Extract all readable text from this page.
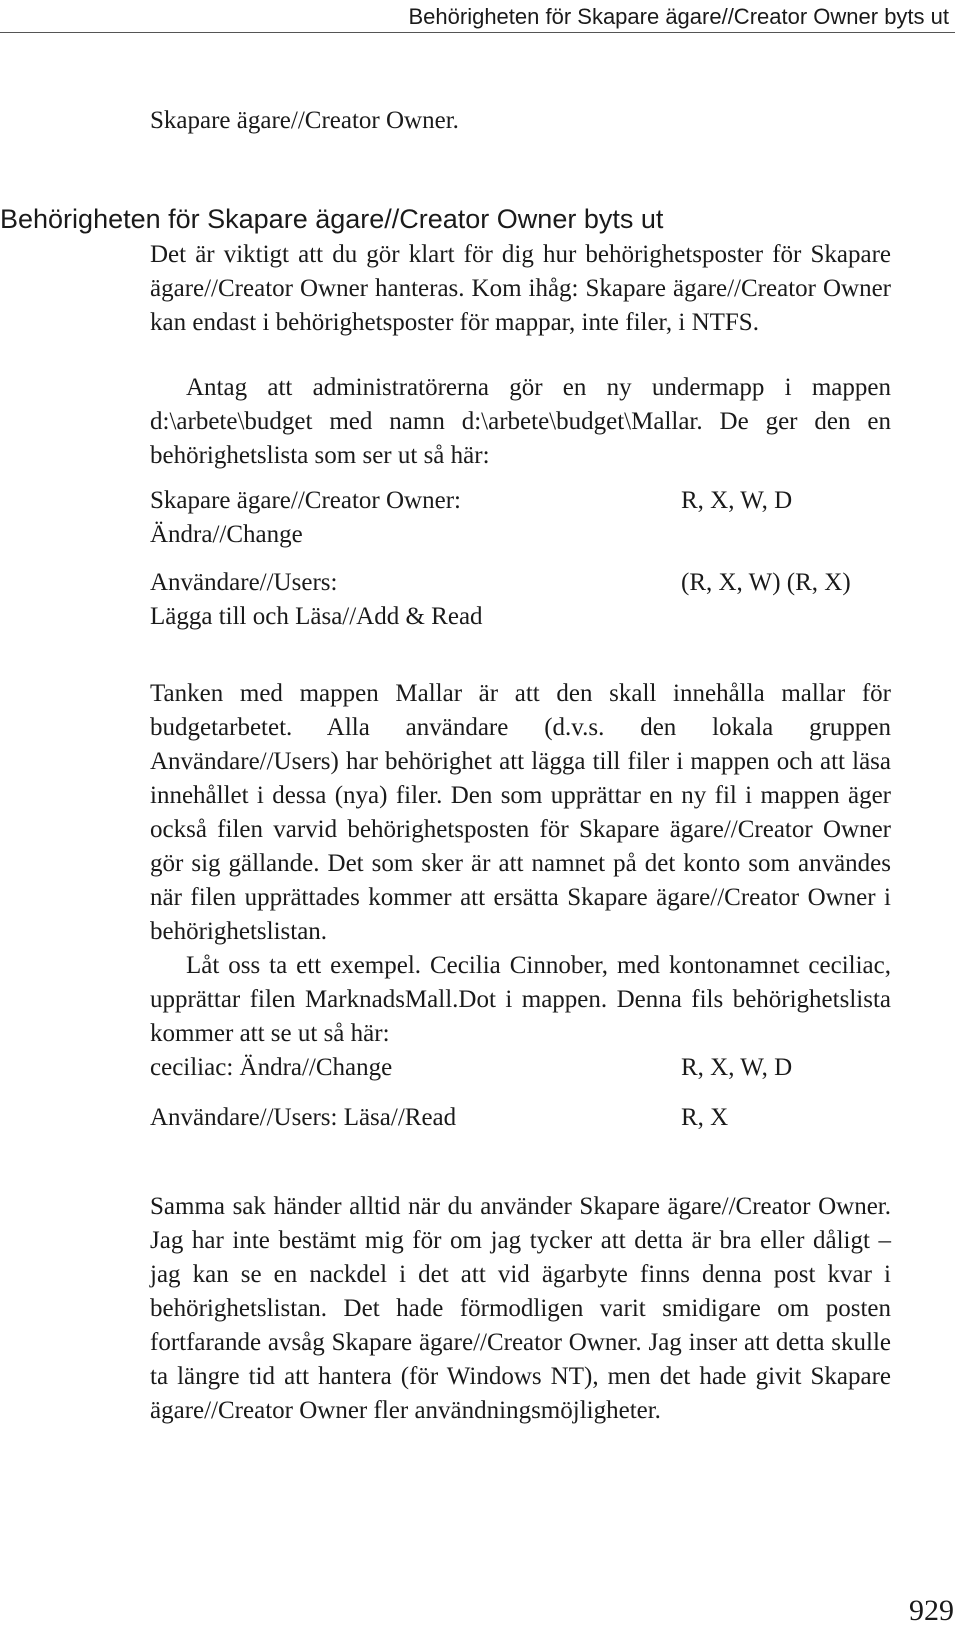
Behörigheten för Skapare ägare//Creator Owner byts ut

Skapare ägare//Creator Owner.

Behörigheten för Skapare ägare//Creator Owner byts ut

Det är viktigt att du gör klart för dig hur behörighetsposter för Skapare ägare//Creator Owner hanteras. Kom ihåg: Skapare ägare//Creator Owner kan endast i behörighetsposter för mappar, inte filer, i NTFS.

Antag att administratörerna gör en ny undermapp i mappen d:\arbete\budget med namn d:\arbete\budget\Mallar. De ger den en behörighetslista som ser ut så här:

Skapare ägare//Creator Owner:

Ändra//Change

R, X, W, D

Användare//Users:

Lägga till och Läsa//Add & Read

(R, X, W) (R, X)

Tanken med mappen Mallar är att den skall innehålla mallar för budgetarbetet. Alla användare (d.v.s. den lokala gruppen Användare//Users) har behörighet att lägga till filer i mappen och att läsa innehållet i dessa (nya) filer. Den som upprättar en ny fil i mappen äger också filen varvid behörighetsposten för Skapare ägare//Creator Owner gör sig gällande. Det som sker är att namnet på det konto som användes när filen upprättades kommer att ersätta Skapare ägare//Creator Owner i behörighetslistan.

Låt oss ta ett exempel. Cecilia Cinnober, med kontonamnet ceciliac, upprättar filen MarknadsMall.Dot i mappen. Denna fils behörighetslista kommer att se ut så här:

ceciliac: Ändra//Change	R, X, W, D

Användare//Users: Läsa//Read	R, X

Samma sak händer alltid när du använder Skapare ägare//Creator Owner. Jag har inte bestämt mig för om jag tycker att detta är bra eller dåligt – jag kan se en nackdel i det att vid ägarbyte finns denna post kvar i behörighetslistan. Det hade förmodligen varit smidigare om posten fortfarande avsåg Skapare ägare//Creator Owner. Jag inser att detta skulle ta längre tid att hantera (för Windows NT), men det hade givit Skapare ägare//Creator Owner fler användningsmöjligheter.

929
